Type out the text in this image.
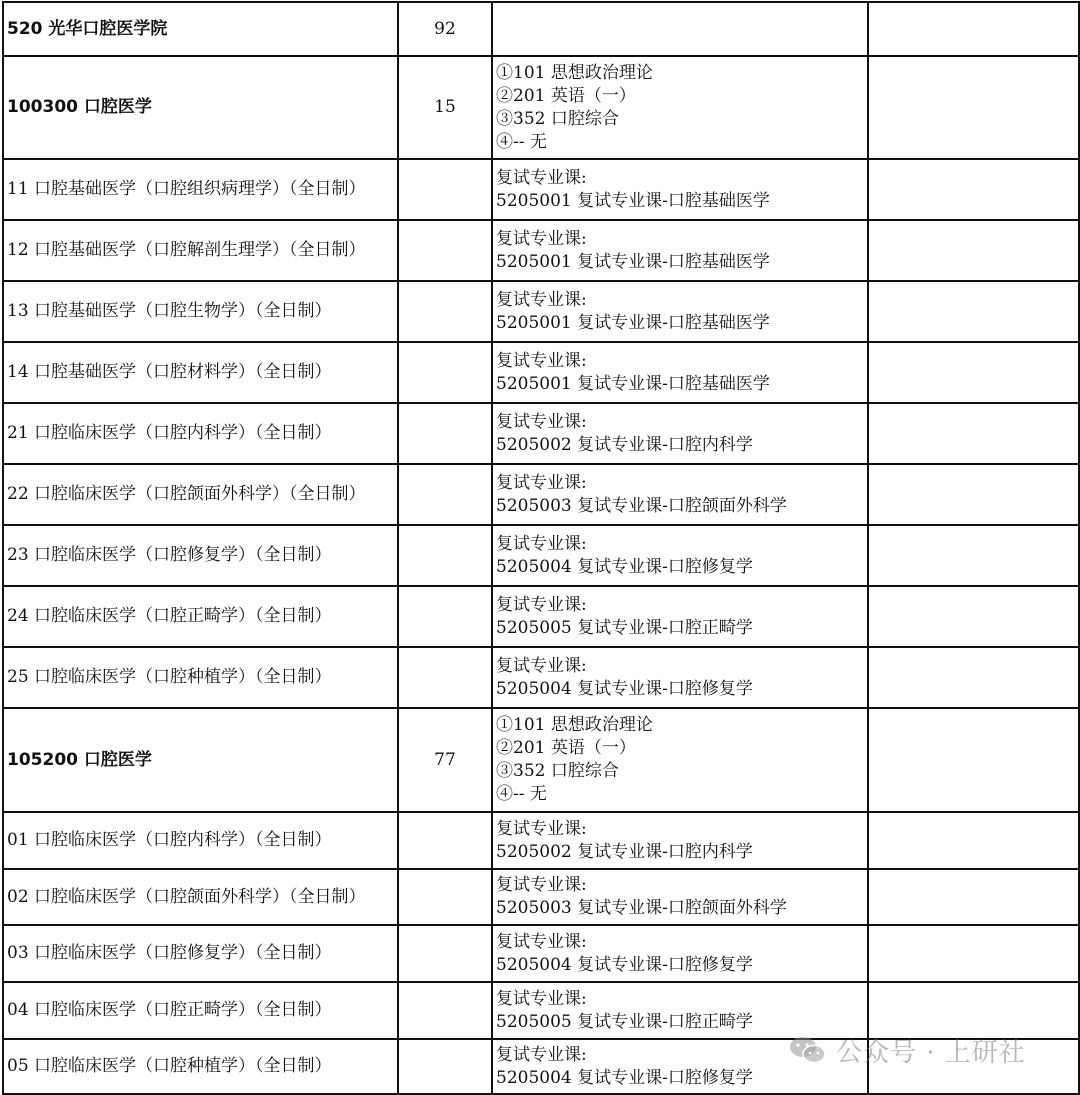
520 光华口腔医学院	92		
100300 口腔医学	15	①101 思想政治理论
②201 英语（一）
③352 口腔综合
④-- 无	

11 口腔基础医学（口腔组织病理学）（全日制）		复试专业课:
5205001 复试专业课-口腔基础医学	

12 口腔基础医学（口腔解剖生理学）（全日制）		复试专业课:
5205001 复试专业课-口腔基础医学	

13 口腔基础医学（口腔生物学）（全日制）		复试专业课:
5205001 复试专业课-口腔基础医学	

14 口腔基础医学（口腔材料学）（全日制）		复试专业课:
5205001 复试专业课-口腔基础医学	

21 口腔临床医学（口腔内科学）（全日制）		复试专业课:
5205002 复试专业课-口腔内科学	

22 口腔临床医学（口腔颌面外科学）（全日制）		复试专业课:
5205003 复试专业课-口腔颌面外科学	

23 口腔临床医学（口腔修复学）（全日制）		复试专业课:
5205004 复试专业课-口腔修复学	

24 口腔临床医学（口腔正畸学）（全日制）		复试专业课:
5205005 复试专业课-口腔正畸学	

25 口腔临床医学（口腔种植学）（全日制）		复试专业课:
5205004 复试专业课-口腔修复学	

105200 口腔医学	77	①101 思想政治理论
②201 英语（一）
③352 口腔综合
④-- 无	

01 口腔临床医学（口腔内科学）（全日制）		复试专业课:
5205002 复试专业课-口腔内科学	

02 口腔临床医学（口腔颌面外科学）（全日制）		复试专业课:
5205003 复试专业课-口腔颌面外科学	

03 口腔临床医学（口腔修复学）（全日制）		复试专业课:
5205004 复试专业课-口腔修复学	

04 口腔临床医学（口腔正畸学）（全日制）		复试专业课:
5205005 复试专业课-口腔正畸学	

05 口腔临床医学（口腔种植学）（全日制）		复试专业课:
5205004 复试专业课-口腔修复学	

公众号 · 上研社
